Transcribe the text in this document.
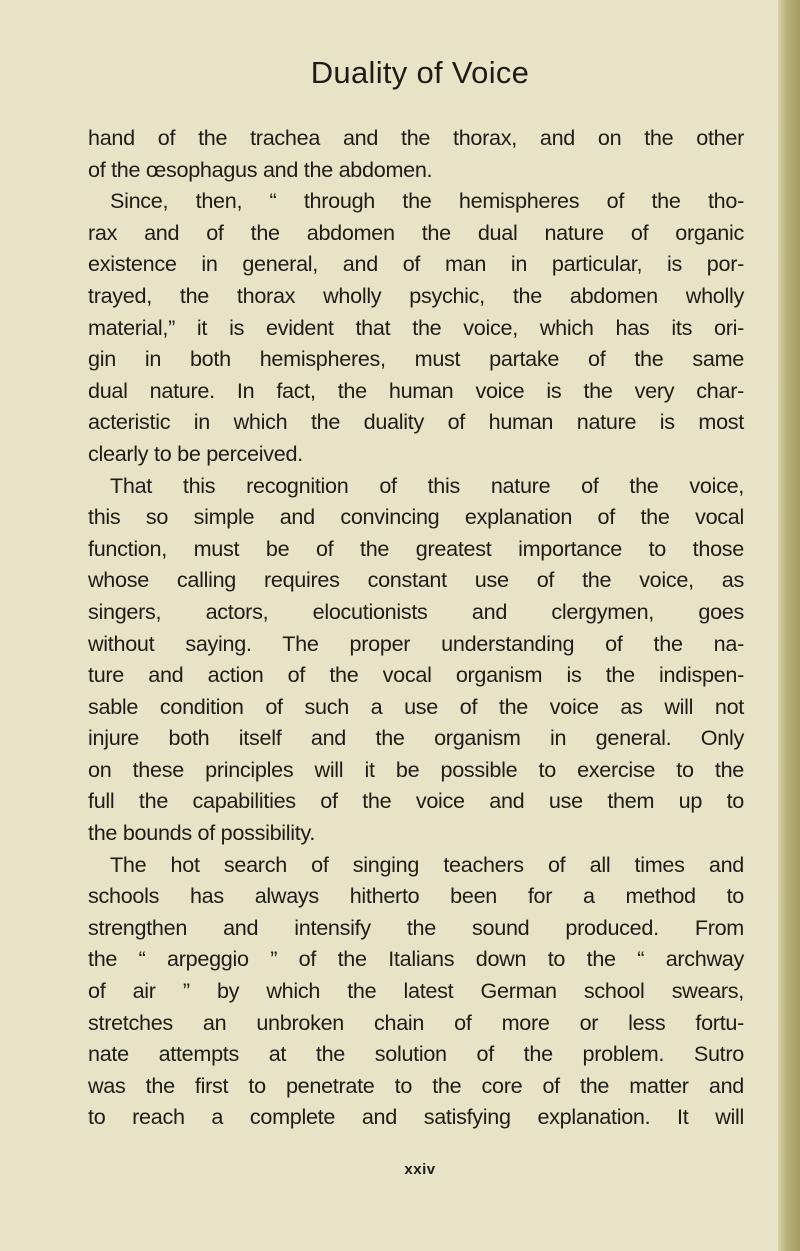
Duality of Voice
hand of the trachea and the thorax, and on the other
of the œsophagus and the abdomen.
Since, then, “ through the hemispheres of the tho-
rax and of the abdomen the dual nature of organic
existence in general, and of man in particular, is por-
trayed, the thorax wholly psychic, the abdomen wholly
material,” it is evident that the voice, which has its ori-
gin in both hemispheres, must partake of the same
dual nature. In fact, the human voice is the very char-
acteristic in which the duality of human nature is most
clearly to be perceived.
That this recognition of this nature of the voice,
this so simple and convincing explanation of the vocal
function, must be of the greatest importance to those
whose calling requires constant use of the voice, as
singers, actors, elocutionists and clergymen, goes
without saying. The proper understanding of the na-
ture and action of the vocal organism is the indispen-
sable condition of such a use of the voice as will not
injure both itself and the organism in general. Only
on these principles will it be possible to exercise to the
full the capabilities of the voice and use them up to
the bounds of possibility.
The hot search of singing teachers of all times and
schools has always hitherto been for a method to
strengthen and intensify the sound produced. From
the “ arpeggio ” of the Italians down to the “ archway
of air ” by which the latest German school swears,
stretches an unbroken chain of more or less fortu-
nate attempts at the solution of the problem. Sutro
was the first to penetrate to the core of the matter and
to reach a complete and satisfying explanation. It will
xxiv
